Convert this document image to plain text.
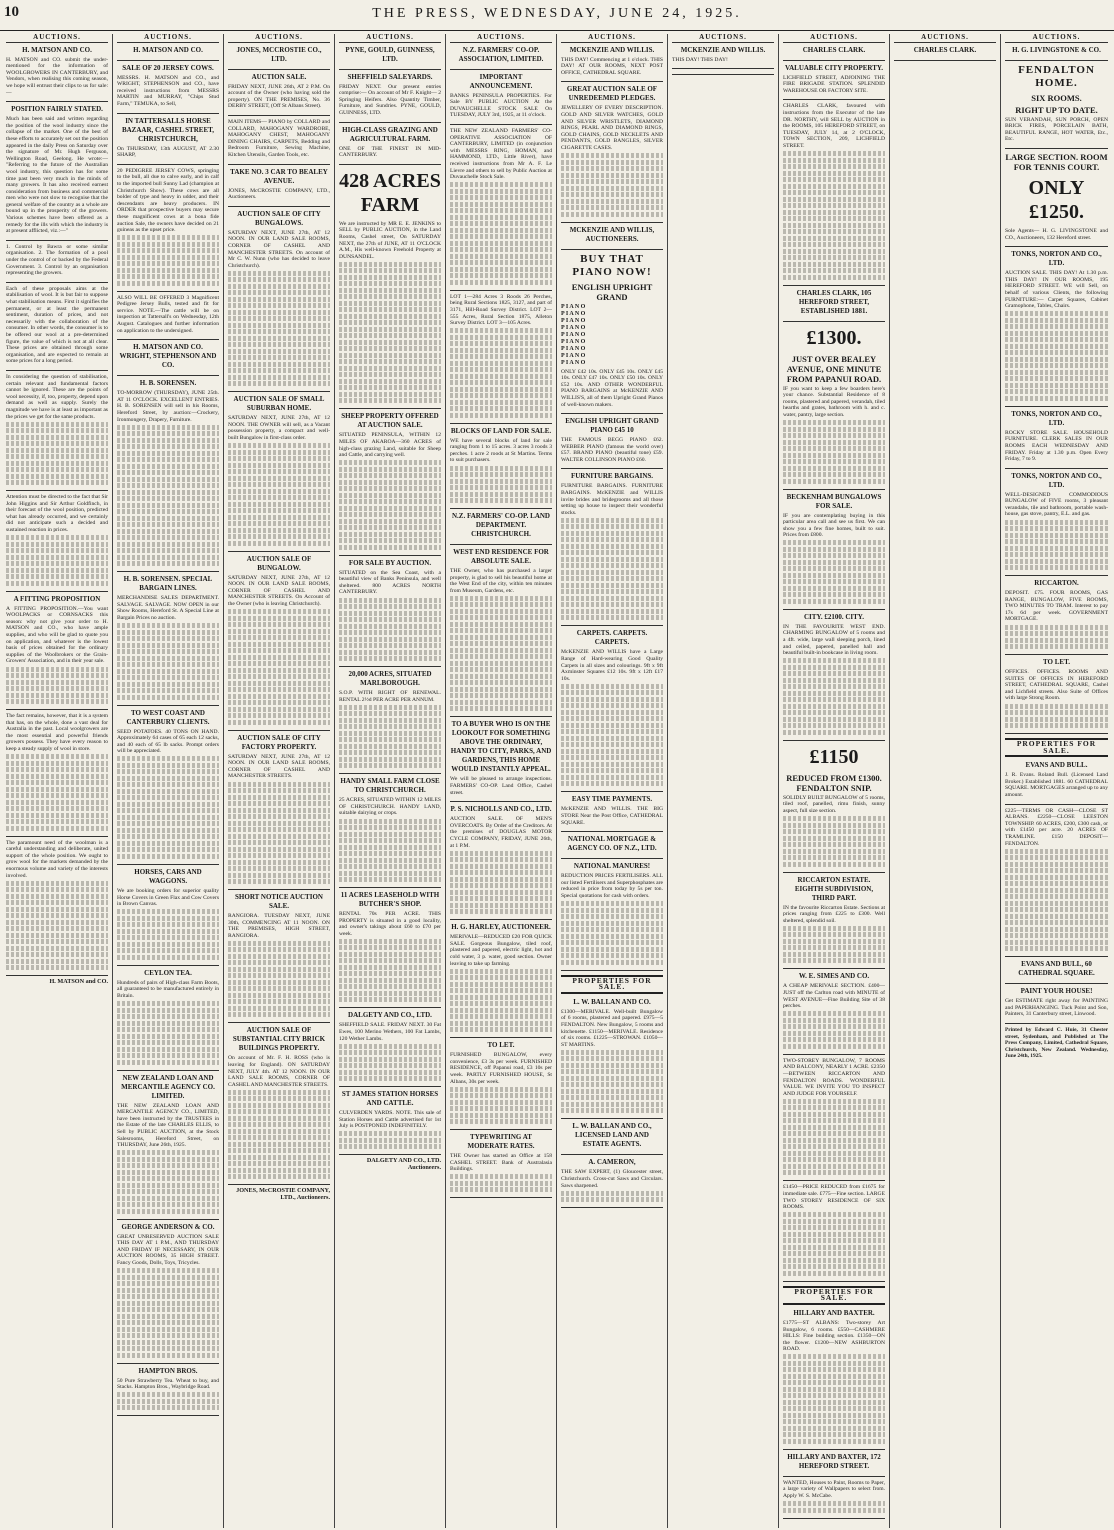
10	THE PRESS, WEDNESDAY, JUNE 24, 1925.
AUCTIONS.
H. MATSON AND CO.
H. MATSON and CO. submit the under-mentioned for the information of WOOLGROWERS IN CANTERBURY, and Vendors, when realising this coming season, we hope will entrust their clips to us for sale:—
POSITION FAIRLY STATED.
Much has been said and written regarding the position of the wool industry since the collapse of the market. One of the best of these efforts to accurately set out the position appeared in the daily Press on Saturday over the signature of Mr. Hugh Ferguson, Wellington Road, Geelong. He wrote:— "Referring to the future of the Australian wool industry, this question has for some time past been very much in the minds of many growers. It has also received earnest consideration from business and commercial men who were not slow to recognise that the general welfare of the country as a whole are bound up in the prosperity of the growers. Various schemes have been offered as a remedy for the ills with which the industry is at present afflicted, viz.:—"
1. Control by Bawra or some similar organisation. 2. The formation of a pool under the control of or backed by the Federal Government. 3. Control by an organisation representing the growers.
Each of these proposals aims at the stabilisation of wool. It is but fair to suppose what stabilisation means. First it signifies the permanent, or at least the permanent sentiment, duration of prices, and not necessarily with the collaboration of the consumer. In other words, the consumer is to be offered our wool at a pre-determined figure, the value of which is not at all clear. These prices are obtained through some organisation, and are expected to remain at some prices for a long period.
In considering the question of stabilisation, certain relevant and fundamental factors cannot be ignored. These are the points of wool necessity, if, too, property, depend upon demand as well as supply. Surely the magnitude we have is at least as important as the prices we get for the same products.
Attention must be directed to the fact that Sir John Higgins and Sir Arthur Goldfinch, in their forecast of the wool position, predicted what has already occurred, and we certainly did not anticipate such a decided and sustained reaction in prices.
A FITTING PROPOSITION
A FITTING PROPOSITION.—You want WOOLPACKS or CORNSACKS this season: why not give your order to H. MATSON and CO., who have ample supplies, and who will be glad to quote you on application, and whatever is the lowest basis of prices obtained for the ordinary supplies of the Woolbrokers or the Grain-Growers' Association, and in their year sale.
The fact remains, however, that it is a system that has, on the whole, done a vast deal for Australia in the past. Local woolgrowers are the most essential and powerful friends growers possess. They have every reason to keep a steady supply of wool in store.
The paramount need of the woolman is a careful understanding and deliberate, united support of the whole position. We ought to grow wool for the markets demanded by the enormous volume and variety of the interests involved.
H. MATSON and CO.
AUCTIONS.
H. MATSON AND CO.
SALE OF 20 JERSEY COWS.
MESSRS. H. MATSON and CO., and WRIGHT, STEPHENSON and CO., have received instructions from MESSRS MARTIN and MURRAY, "Chips Stud Farm," TEMUKA, to Sell,
IN TATTERSALLS HORSE BAZAAR, CASHEL STREET, CHRISTCHURCH,
On THURSDAY, 13th AUGUST, AT 2.30 SHARP,
20 PEDIGREE JERSEY COWS, springing to the bull, all due to calve early, and in calf to the imported bull Sunny Lad (champion at Christchurch Show). These cows are all bolder of type and heavy in udder, and their descendants are heavy producers. IN ORDER that prospective buyers may secure these magnificent cows at a bona fide auction Sale, the owners have decided on 21 guineas as the upset price.
ALSO WILL BE OFFERED 3 Magnificent Pedigree Jersey Bulls, tested and fit for service. NOTE.—The cattle will be on inspection at Tattersall's on Wednesday, 12th August. Catalogues and further information on application to the undersigned.
H. MATSON AND CO. WRIGHT, STEPHENSON AND CO.
H. B. SORENSEN.
TO-MORROW (THURSDAY), JUNE 25th. AT 11 O'CLOCK. EXCELLENT ENTRIES. H. B. SORENSEN will sell in his Rooms, Hereford Street, by auction:—Crockery, Ironmongery, Drapery, Furniture.
H. B. SORENSEN. SPECIAL BARGAIN LINES.
MERCHANDISE SALES DEPARTMENT. SALVAGE. SALVAGE. NOW OPEN in our Show Rooms, Hereford St. A Special Line at Bargain Prices no auction.
TO WEST COAST AND CANTERBURY CLIENTS.
SEED POTATOES. 40 TONS ON HAND. Approximately 64 cases of 65 each 12 sacks, and 40 each of 65 lb sacks. Prompt orders will be appreciated.
HORSES, CARS AND WAGGONS.
We are booking orders for superior quality Horse Covers in Green Flax and Cow Covers in Brown Canvas.
CEYLON TEA.
Hundreds of pairs of High-class Farm Boots, all guaranteed to be manufactured entirely in Britain.
NEW ZEALAND LOAN AND MERCANTILE AGENCY CO. LIMITED.
THE NEW ZEALAND LOAN AND MERCANTILE AGENCY CO., LIMITED, have been instructed by the TRUSTEES in the Estate of the late CHARLES ELLIS, to Sell by PUBLIC AUCTION, at the Stock Salesrooms, Hereford Street, on THURSDAY, June 26th, 1925.
GEORGE ANDERSON & CO.
GREAT UNRESERVED AUCTION SALE THIS DAY AT 1 P.M., AND THURSDAY AND FRIDAY IF NECESSARY, IN OUR AUCTION ROOMS, 35 HIGH STREET. Fancy Goods, Dolls, Toys, Tricycles.
HAMPTON BROS.
50 Pure Strawberry Tea. Wheat to buy, and Stacks. Hampton Bros., Waybridge Road.
AUCTIONS.
JONES, MCCROSTIE CO., LTD.
AUCTION SALE.
FRIDAY NEXT, JUNE 26th, AT 2 P.M. On account of the Owner (who having sold the property). ON THE PREMISES, No. 36 DERBY STREET, (Off St Albans Street).
MAIN ITEMS— PIANO by COLLARD and COLLARD, MAHOGANY WARDROBE, MAHOGANY CHEST, MAHOGANY DINING CHAIRS, CARPETS, Bedding and Bedroom Furniture, Sewing Machine, Kitchen Utensils, Garden Tools, etc.
TAKE NO. 3 CAR TO BEALEY AVENUE.
JONES, McCROSTIE COMPANY, LTD., Auctioneers.
AUCTION SALE OF CITY BUNGALOWS.
SATURDAY NEXT, JUNE 27th, AT 12 NOON. IN OUR LAND SALE ROOMS, CORNER OF CASHEL AND MANCHESTER STREETS. On account of Mr C. W. Nunn (who has decided to leave Christchurch).
AUCTION SALE OF SMALL SUBURBAN HOME.
SATURDAY NEXT, JUNE 27th, AT 12 NOON. THE OWNER will sell, as a Vacant possession property, a compact and well-built Bungalow in first-class order.
AUCTION SALE OF BUNGALOW.
SATURDAY NEXT, JUNE 27th, AT 12 NOON. IN OUR LAND SALE ROOMS, CORNER OF CASHEL AND MANCHESTER STREETS. On Account of the Owner (who is leaving Christchurch).
AUCTION SALE OF CITY FACTORY PROPERTY.
SATURDAY NEXT, JUNE 27th, AT 12 NOON. IN OUR LAND SALE ROOMS, CORNER OF CASHEL AND MANCHESTER STREETS.
SHORT NOTICE AUCTION SALE.
RANGIORA. TUESDAY NEXT, JUNE 30th, COMMENCING AT 11 NOON. ON THE PREMISES, HIGH STREET, RANGIORA.
AUCTION SALE OF SUBSTANTIAL CITY BRICK BUILDINGS PROPERTY.
On account of Mr. F. H. ROSS (who is leaving for England). ON SATURDAY NEXT, JULY 4th. AT 12 NOON. IN OUR LAND SALE ROOMS, CORNER OF CASHEL AND MANCHESTER STREETS.
JONES, McCROSTIE COMPANY, LTD., Auctioneers.
AUCTIONS.
PYNE, GOULD, GUINNESS, LTD.
SHEFFIELD SALEYARDS.
FRIDAY NEXT. Our present entries comprise:— On account of Mr F. Knight— 2 Springing Heifers. Also Quantity Timber, Furniture, and Sundries. PYNE, GOULD, GUINNESS, LTD.
HIGH-CLASS GRAZING AND AGRICULTURAL FARM.
ONE OF THE FINEST IN MID-CANTERBURY.
428 ACRES FARM
We are instructed by MR E. E. JENKINS to SELL by PUBLIC AUCTION, in the Land Rooms, Cashel street, On SATURDAY NEXT, the 27th of JUNE, AT 11 O'CLOCK A.M., His well-known Freehold Property at DUNSANDEL.
SHEEP PROPERTY OFFERED AT AUCTION SALE.
SITUATED PENINSULA, WITHIN 12 MILES OF AKAROA—360 ACRES of high-class grazing Land, suitable for Sheep and Cattle, and carrying well.
FOR SALE BY AUCTION.
SITUATED on the Sea Coast, with a beautiful view of Banks Peninsula, and well sheltered. 800 ACRES NORTH CANTERBURY.
20,000 ACRES, SITUATED MARLBOROUGH.
S.O.P. WITH RIGHT OF RENEWAL. RENTAL 2½d PER ACRE PER ANNUM.
HANDY SMALL FARM CLOSE TO CHRISTCHURCH.
25 ACRES, SITUATED WITHIN 12 MILES OF CHRISTCHURCH. HANDY LAND, suitable dairying or crops.
11 ACRES LEASEHOLD WITH BUTCHER'S SHOP.
RENTAL 70s PER ACRE. THIS PROPERTY is situated in a good locality, and owner's takings about £60 to £70 per week.
DALGETY AND CO., LTD.
SHEFFIELD SALE. FRIDAY NEXT. 30 Fat Ewes, 100 Merino Wethers, 100 Fat Lambs, 120 Wether Lambs.
ST JAMES STATION HORSES AND CATTLE.
CULVERDEN YARDS. NOTE. This sale of Station Horses and Cattle advertised for 1st July is POSTPONED INDEFINITELY.
DALGETY AND CO., LTD. Auctioneers.
AUCTIONS.
N.Z. FARMERS' CO-OP. ASSOCIATION, LIMITED.
IMPORTANT ANNOUNCEMENT.
BANKS PENINSULA PROPERTIES. For Sale BY PUBLIC AUCTION At the DUVAUCHELLE STOCK SALE On TUESDAY, JULY 3rd, 1925, at 11 o'clock.
THE NEW ZEALAND FARMERS' CO-OPERATIVE ASSOCIATION OF CANTERBURY, LIMITED (in conjunction with MESSRS RING, HOMAN, and HAMMOND, LTD., Little River), have received instructions from Mr A. F. Le Lievre and others to sell by Public Auction at Duvauchelle Stock Sale.
LOT 1—284 Acres 3 Roods 26 Perches, being Rural Sections 1825, 3127, and part of 3171, Hill-Road Survey District. LOT 2—555 Acres, Rural Section 1875, Alleton Survey District. LOT 3—105 Acres.
BLOCKS OF LAND FOR SALE.
WE have several blocks of land for sale ranging from 1 to 15 acres. 3 acres 3 roods 3 perches. 1 acre 2 roods at St Martins. Terms to suit purchasers.
N.Z. FARMERS' CO-OP. LAND DEPARTMENT. CHRISTCHURCH.
WEST END RESIDENCE FOR ABSOLUTE SALE.
THE Owner, who has purchased a larger property, is glad to sell his beautiful home at the West End of the city, within ten minutes from Museum, Gardens, etc.
TO A BUYER WHO IS ON THE LOOKOUT FOR SOMETHING ABOVE THE ORDINARY, HANDY TO CITY, PARKS, AND GARDENS, THIS HOME WOULD INSTANTLY APPEAL.
We will be pleased to arrange inspections. FARMERS' CO-OP. Land Office, Cashel street.
P. S. NICHOLLS AND CO., LTD.
AUCTION SALE. OF MEN'S OVERCOATS. By Order of the Creditors. At the premises of DOUGLAS MOTOR CYCLE COMPANY, FRIDAY, JUNE 26th, at 1 P.M.
H. G. HARLEY, AUCTIONEER.
MERIVALE—REDUCED £20 FOR QUICK SALE. Gorgeous Bungalow, tiled roof, plastered and papered, electric light, hot and cold water, 3 p. water, good section. Owner leaving to take up farming.
TO LET.
FURNISHED BUNGALOW, every convenience, £3 3s per week. FURNISHED RESIDENCE, off Papanui road, £3 10s per week. PARTLY FURNISHED HOUSE, St Albans, 30s per week.
TYPEWRITING AT MODERATE RATES.
THE Owner has started an Office at 158 CASHEL STREET. Bank of Australasia Buildings.
AUCTIONS.
MCKENZIE AND WILLIS.
THIS DAY! Commencing at 1 o'clock. THIS DAY! AT OUR ROOMS, NEXT POST OFFICE, CATHEDRAL SQUARE.
GREAT AUCTION SALE OF UNREDEEMED PLEDGES.
JEWELLERY OF EVERY DESCRIPTION. GOLD AND SILVER WATCHES, GOLD AND SILVER WRISTLETS, DIAMOND RINGS, PEARL AND DIAMOND RINGS, GOLD CHAINS, GOLD NECKLETS AND PENDANTS, GOLD BANGLES, SILVER CIGARETTE CASES.
MCKENZIE AND WILLIS, AUCTIONEERS.
BUY THAT PIANO NOW!
ENGLISH UPRIGHT GRAND
P I A N O
P I A N O
P I A N O
P I A N O
P I A N O
P I A N O
P I A N O
P I A N O
P I A N O
ONLY £42 10s. ONLY £45 10s. ONLY £45 10s. ONLY £47 10s. ONLY £50 10s. ONLY £52 10s. AND OTHER WONDERFUL PIANO BARGAINS at McKENZIE AND WILLIS'S, all of them Upright Grand Pianos of well-known makers.
ENGLISH UPRIGHT GRAND PIANO £45 10
THE FAMOUS BEGG PIANO £62. WEBBER PIANO (famous the world over) £57. BRAND PIANO (beautiful tone) £59. WALTER COLLINSON PIANO £60.
FURNITURE BARGAINS.
FURNITURE BARGAINS. FURNITURE BARGAINS. McKENZIE and WILLIS invite brides and bridegrooms and all those setting up house to inspect their wonderful stocks.
CARPETS. CARPETS. CARPETS.
McKENZIE AND WILLIS have a Large Range of Hard-wearing Good Quality Carpets in all sizes and colourings. 9ft x 9ft Axminster Squares £12 10s. 9ft x 12ft £17 10s.
EASY TIME PAYMENTS.
McKENZIE AND WILLIS. THE BIG STORE Near the Post Office, CATHEDRAL SQUARE.
NATIONAL MORTGAGE & AGENCY CO. OF N.Z., LTD.
NATIONAL MANURES!
REDUCTION PRICES FERTILISERS. ALL our listed Fertilisers and Superphosphates are reduced in price from today by 5s per ton. Special quotations for cash with orders.
PROPERTIES FOR SALE.
L. W. BALLAN AND CO.
£1300—MERIVALE. Well-built Bungalow of 6 rooms, plastered and papered. £975—5 FENDALTON. New Bungalow, 5 rooms and kitchenette. £1150—MERIVALE. Residence of six rooms. £1225—STROWAN. £1050—ST MARTINS.
L. W. BALLAN AND CO., LICENSED LAND AND ESTATE AGENTS.
A. CAMERON,
THE SAW EXPERT, (1) Gloucester street, Christchurch. Cross-cut Saws and Circulars. Saws sharpened.
AUCTIONS.
MCKENZIE AND WILLIS.
THIS DAY! THIS DAY!
AUCTIONS.
CHARLES CLARK.
VALUABLE CITY PROPERTY.
LICHFIELD STREET, ADJOINING THE FIRE BRIGADE STATION. SPLENDID WAREHOUSE OR FACTORY SITE.
CHARLES CLARK, favoured with instructions from the Executor of the late DR. NORTHY, will SELL by AUCTION in the ROOMS, 105 HEREFORD STREET, on TUESDAY, JULY 14, at 2 O'CLOCK, TOWN SECTION, 209, LICHFIELD STREET.
CHARLES CLARK, 105 HEREFORD STREET, ESTABLISHED 1881.
£1300.
JUST OVER BEALEY AVENUE, ONE MINUTE FROM PAPANUI ROAD.
IF you want to keep a few boarders here's your chance. Substantial Residence of 8 rooms, plastered and papered, verandah, tiled hearths and grates, bathroom with h. and c. water, pantry, large section.
BECKENHAM BUNGALOWS FOR SALE.
IF you are contemplating buying in this particular area call and see us first. We can show you a few fine homes, built to suit. Prices from £800.
CITY. £2100. CITY.
IN THE FAVOURITE WEST END. CHARMING BUNGALOW of 5 rooms and a 4ft. wide, large wall sleeping porch, lined and ceiled, papered, panelled hall and beautiful built-in bookcase in living room.
£1150
REDUCED FROM £1300. FENDALTON SNIP.
SOLIDLY BUILT BUNGALOW of 5 rooms, tiled roof, panelled, rimu finish, sunny aspect, full size section.
RICCARTON ESTATE. EIGHTH SUBDIVISION, THIRD PART.
IN the favourite Riccarton Estate. Sections at prices ranging from £225 to £300. Well sheltered, splendid soil.
W. E. SIMES AND CO.
A CHEAP MERIVALE SECTION. £400—JUST off the Carlton road with MINUTE of WEST AVENUE—Fine Building Site of 38 perches.
TWO-STOREY BUNGALOW, 7 ROOMS AND BALCONY, NEARLY 1 ACRE. £2350—BETWEEN RICCARTON AND FENDALTON ROADS. WONDERFUL VALUE. WE INVITE YOU TO INSPECT AND JUDGE FOR YOURSELF.
£1450—PRICE REDUCED from £1675 for immediate sale. £775—Fine section. LARGE TWO STOREY RESIDENCE OF SIX ROOMS.
PROPERTIES FOR SALE.
HILLARY AND BAXTER.
£1775—ST ALBANS: Two-storey Art Bungalow, 6 rooms. £550—CASHMERE HILLS: Fine building section. £1350—ON the flower. £1200—NEW ASHBURTON ROAD.
HILLARY AND BAXTER, 172 HEREFORD STREET.
WANTED, Houses to Paint, Rooms to Paper, a large variety of Wallpapers to select from. Apply W. S. McCabe.
AUCTIONS.
CHARLES CLARK.
AUCTIONS.
H. G. LIVINGSTONE & CO.
FENDALTON HOME.
SIX ROOMS.
RIGHT UP TO DATE.
SUN VERANDAH, SUN PORCH, OPEN BRICK FIRES, PORCELAIN BATH, BEAUTIFUL RANGE, HOT WATER, Etc., Etc.
LARGE SECTION. ROOM FOR TENNIS COURT.
ONLY £1250.
Sole Agents— H. G. LIVINGSTONE and CO., Auctioneers, 132 Hereford street.
TONKS, NORTON AND CO., LTD.
AUCTION SALE. THIS DAY! At 1.30 p.m. THIS DAY! IN OUR ROOMS, 195 HEREFORD STREET. WE will Sell, on behalf of various Clients, the following FURNITURE:— Carpet Squares, Cabinet Gramophone, Tables, Chairs.
TONKS, NORTON AND CO., LTD.
ROCKY STORE SALE. HOUSEHOLD FURNITURE. CLERK SALES IN OUR ROOMS EACH WEDNESDAY AND FRIDAY. Friday at 1.30 p.m. Open Every Friday, 7 to 9.
TONKS, NORTON AND CO., LTD.
WELL-DESIGNED COMMODIOUS BUNGALOW of FIVE rooms, 3 pleasant verandahs, tile and bathroom, portable wash-house, gas stove, pantry, E.L. and gas.
RICCARTON.
DEPOSIT. £75. FOUR ROOMS, GAS RANGE, BUNGALOW, FIVE ROOMS, TWO MINUTES TO TRAM. Interest to pay 17s 6d per week. GOVERNMENT MORTGAGE.
TO LET.
OFFICES. OFFICES. ROOMS AND SUITES OF OFFICES IN HEREFORD STREET, CATHEDRAL SQUARE, Cashel and Lichfield streets. Also Suite of Offices with large Strong Room.
PROPERTIES FOR SALE.
EVANS AND BULL.
J. R. Evans. Roland Bull. (Licensed Land Broker.) Established 1881. 60 CATHEDRAL SQUARE. MORTGAGES arranged up to any amount.
£225—TERMS OR CASH—CLOSE ST ALBANS. £2250—CLOSE LEESTON TOWNSHIP. 60 ACRES, £200, £300 cash, or with £1450 per acre. 20 ACRES OF TRAMLINE. £150 DEPOSIT—FENDALTON.
EVANS AND BULL, 60 CATHEDRAL SQUARE.
PAINT YOUR HOUSE!
Get ESTIMATE right away for PAINTING and PAPERHANGING. Tuck Point and Son, Painters, 31 Canterbury street, Linwood.
Printed by Edward C. Huie, 31 Chester street, Sydenham, and Published at The Press Company, Limited, Cathedral Square, Christchurch, New Zealand. Wednesday, June 24th, 1925.
